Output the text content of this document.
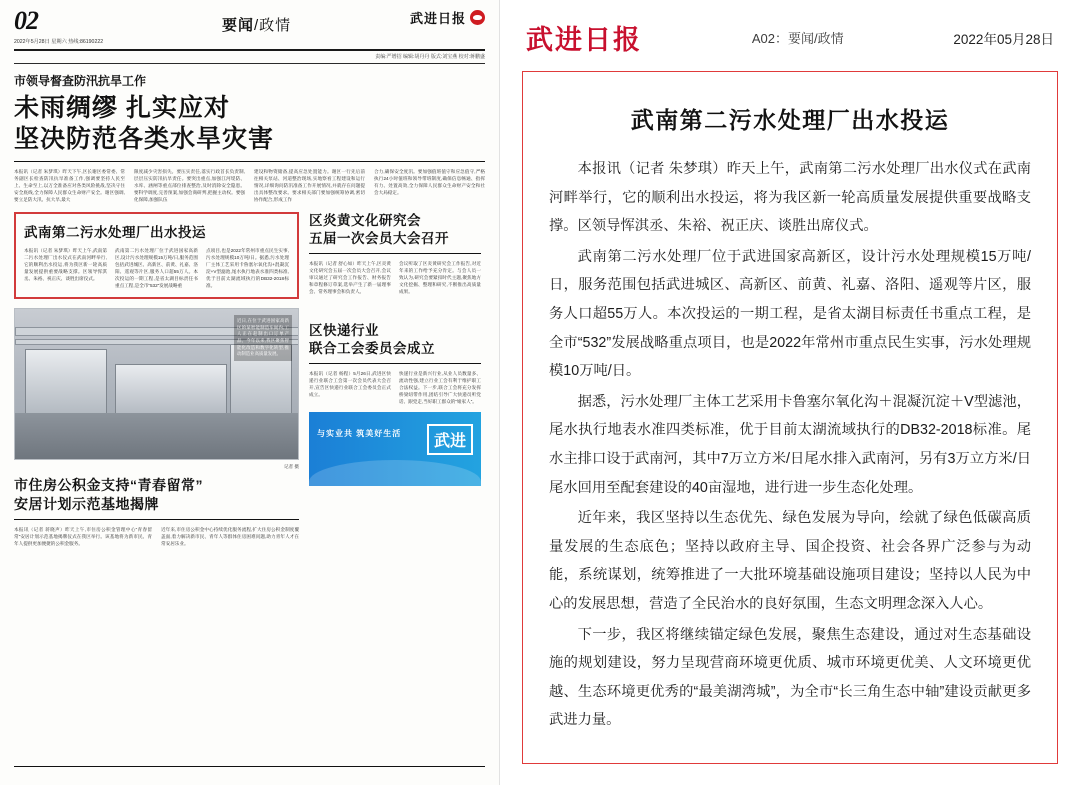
02
2022年5月28日 星期六 热线:86190222
要闻/政情	武进日报
责编:严增招 编辑:胡丹丹 版式:刘宝燕 校对:蒋鹏盛
市领导督查防汛抗旱工作
未雨绸缪 扎实应对
坚决防范各类水旱灾害
本报讯（记者 朱梦琪）昨天下午,区长谢区委常委、常务副区长检查防汛抗旱准备工作,强调要坚持人民至上、生命至上,以万全准备应对各类风险挑战,坚决守住安全底线,全力保障人民群众生命财产安全。谢区强调,要立足防大汛、抗大旱,最大
限度减少灾害损失。要压实责任,落实行政首长负责制,层层压实防汛抗旱责任。要突出重点,加强江河堤防、水库、涵闸等重点部位排查整治,及时消除安全隐患。要科学调度,完善预案,加强会商研判,把握主动权。要强化保障,加强队伍
建设和物资储备,提高应急处置能力。谢区一行先后前往相关泵站、河道整治现场,实地察看工程建设和运行情况,详细询问防汛准备工作开展情况,并就存在问题提出具体整改要求。要求相关部门要加强统筹协调,密切协作配合,形成工作
合力,确保安全度汛。要加强值班值守和应急值守,严格执行24小时值班和领导带班制度,确保信息畅通、指挥有力、处置高效,全力保障人民群众生命财产安全和社会大局稳定。
武南第二污水处理厂出水投运
本报讯（记者 朱梦琪）昨天上午,武南第二污水处理厂出水仪式在武南河畔举行,它的顺利出水投运,将为我区新一轮高质量发展提供重要战略支撑。区领导恽淇丞、朱裕、祝正庆、谈胜出席仪式。
武南第二污水处理厂位于武进国家高新区,设计污水处理规模15万吨/日,服务范围包括武进城区、高新区、前黄、礼嘉、洛阳、遥观等片区,服务人口超55万人。本次投运的一期工程,是省太湖目标责任书重点工程,是全市“532”发展战略重
点项目,也是2022年常州市重点民生实事,污水处理规模10万吨/日。据悉,污水处理厂主体工艺采用卡鲁塞尔氧化沟+混凝沉淀+V型滤池,尾水执行地表水准四类标准,优于目前太湖流域执行的DB32-2018标准。
近日,在位于武进国家高新区的某智能制造车间内,工人正在赶制出口订单产品。今年以来,我区聚焦智能化改造和数字化转型,推动制造业高质量发展。
记者 摄
市住房公积金支持“青春留常”
安居计划示范基地揭牌
本报讯（记者 蒋晓声）昨天上午,市住房公积金管理中心“青春留常”安居计划示范基地揭牌仪式在我区举行。该基地将为新市民、青年人提供更加便捷的公积金服务。
近年来,市住房公积金中心持续优化服务流程,扩大住房公积金制度覆盖面,着力解决新市民、青年人等群体住房困难问题,助力青年人才在常安居乐业。
区炎黄文化研究会
五届一次会员大会召开
本报讯（记者 舒心如）昨天上午,区炎黄文化研究会五届一次会员大会召开,会议审议通过了研究会工作报告、财务报告和章程修订草案,选举产生了新一届理事会、常务理事会和负责人。
会议听取了区炎黄研究会工作报告,对近年来的工作给予充分肯定。与会人员一致认为,研究会要紧扣时代主题,聚焦地方文化挖掘、整理和研究,不断推出高质量成果。
区快递行业
联合工会委员会成立
本报讯（记者 杨程）5月26日,武进区快递行业联合工会第一次会员代表大会召开,宣告区快递行业联合工会委员会正式成立。
快递行业是新兴行业,从业人员数量多、流动性强,建立行业工会有利于维护职工合法权益。下一步,联合工会将充分发挥桥梁纽带作用,团结引导广大快递员听党话、跟党走,当好职工群众的“娘家人”。
与实业共 筑美好生活	武进
武进日报	A02：要闻/政情	2022年05月28日
武南第二污水处理厂出水投运

本报讯（记者 朱梦琪）昨天上午，武南第二污水处理厂出水仪式在武南河畔举行，它的顺利出水投运，将为我区新一轮高质量发展提供重要战略支撑。区领导恽淇丞、朱裕、祝正庆、谈胜出席仪式。

武南第二污水处理厂位于武进国家高新区，设计污水处理规模15万吨/日，服务范围包括武进城区、高新区、前黄、礼嘉、洛阳、遥观等片区，服务人口超55万人。本次投运的一期工程，是省太湖目标责任书重点工程，是全市“532”发展战略重点项目，也是2022年常州市重点民生实事，污水处理规模10万吨/日。

据悉，污水处理厂主体工艺采用卡鲁塞尔氧化沟＋混凝沉淀＋V型滤池，尾水执行地表水准四类标准，优于目前太湖流域执行的DB32-2018标准。尾水主排口设于武南河，其中7万立方米/日尾水排入武南河，另有3万立方米/日尾水回用至配套建设的40亩湿地，进行进一步生态化处理。

近年来，我区坚持以生态优先、绿色发展为导向，绘就了绿色低碳高质量发展的生态底色；坚持以政府主导、国企投资、社会各界广泛参与为动能，系统谋划，统筹推进了一大批环境基础设施项目建设；坚持以人民为中心的发展思想，营造了全民治水的良好氛围，生态文明理念深入人心。

下一步，我区将继续锚定绿色发展，聚焦生态建设，通过对生态基础设施的规划建设，努力呈现营商环境更优质、城市环境更优美、人文环境更优越、生态环境更优秀的“最美湖湾城”，为全市“长三角生态中轴”建设贡献更多武进力量。
